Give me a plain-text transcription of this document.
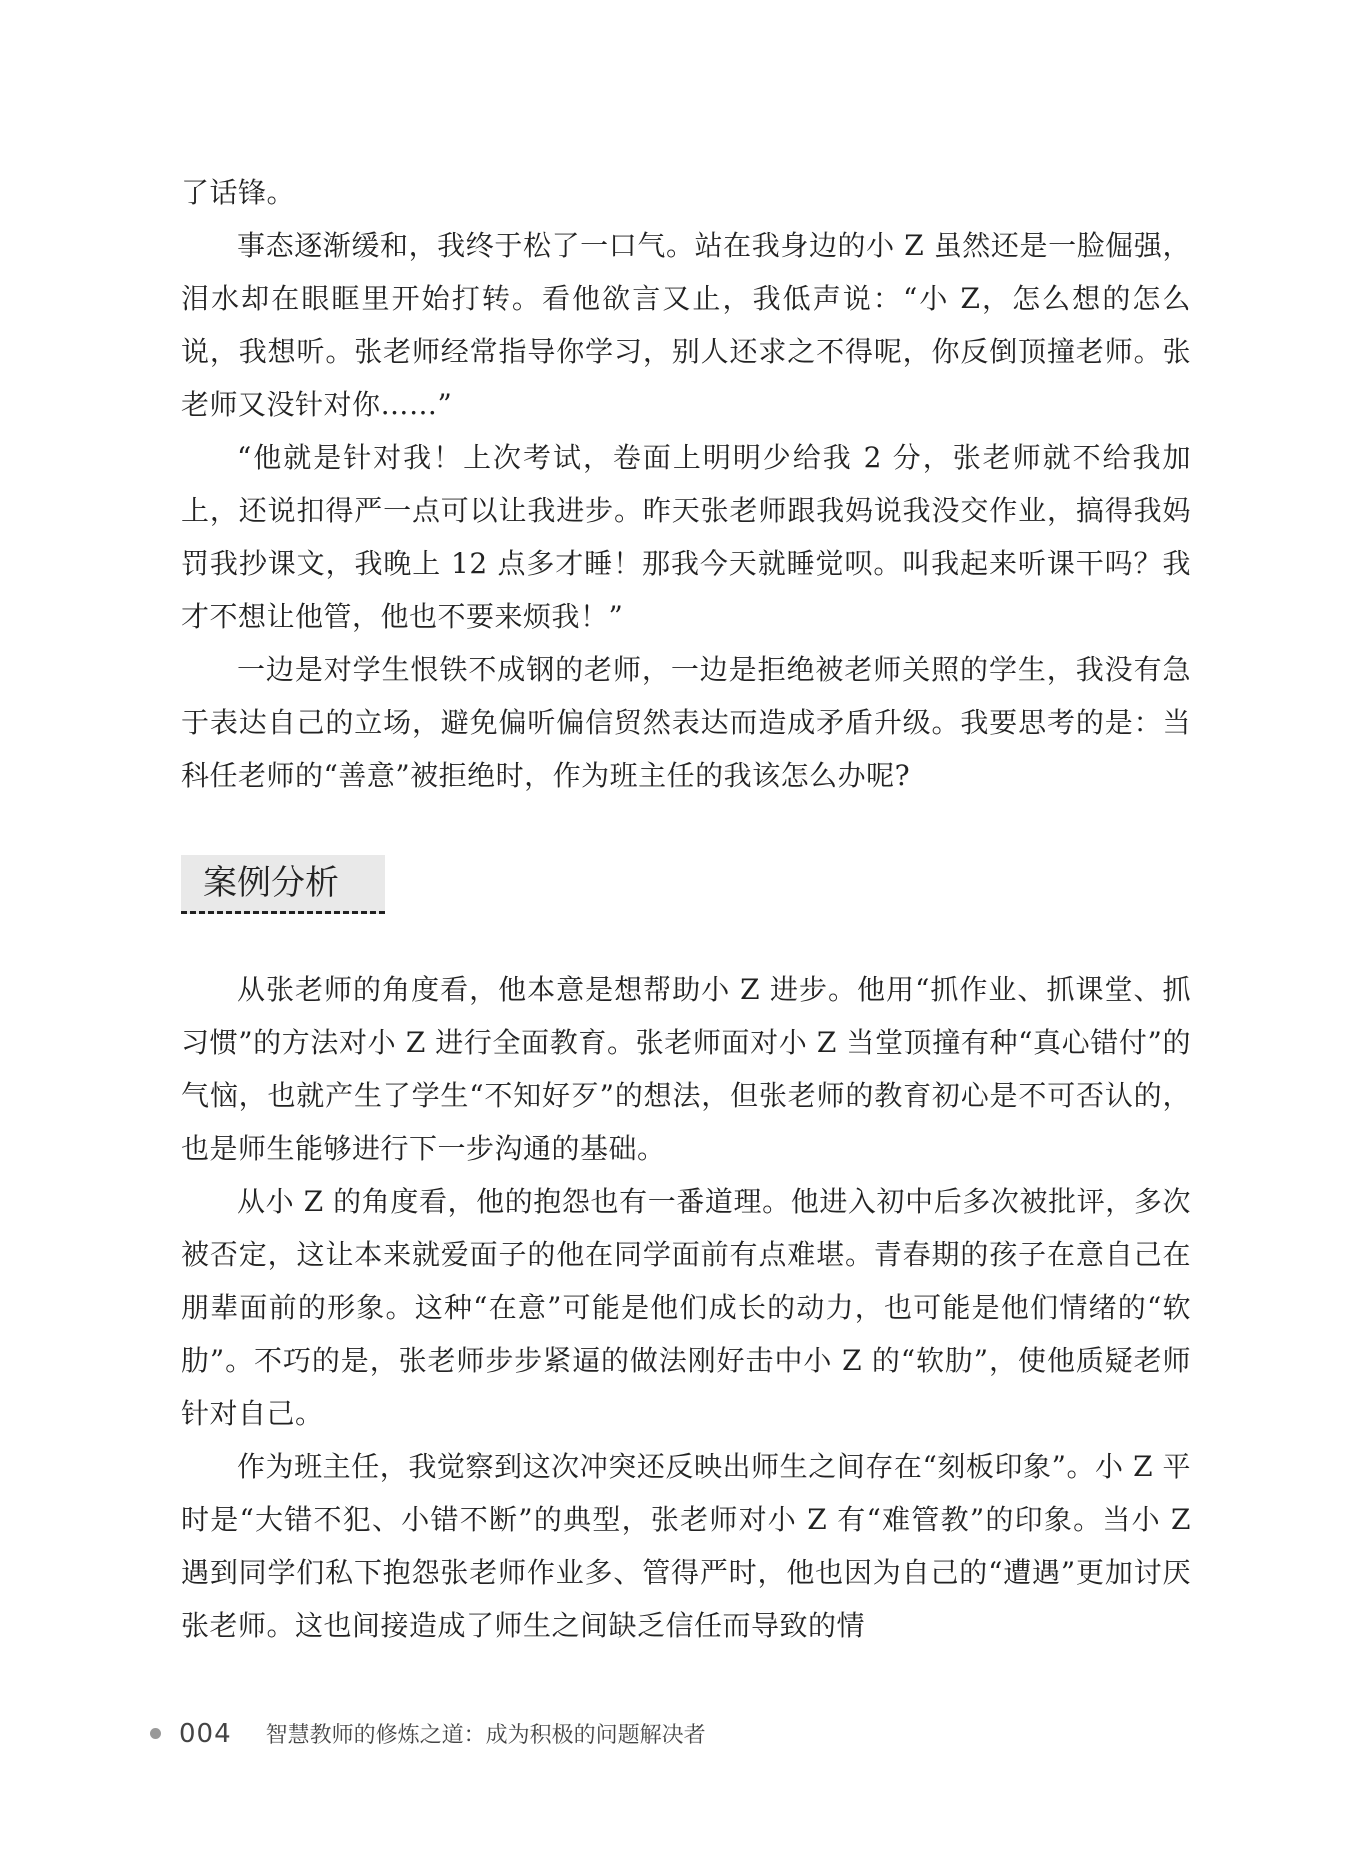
了话锋。

事态逐渐缓和，我终于松了一口气。站在我身边的小 Z 虽然还是一脸倔强，泪水却在眼眶里开始打转。看他欲言又止，我低声说：“小 Z，怎么想的怎么说，我想听。张老师经常指导你学习，别人还求之不得呢，你反倒顶撞老师。张老师又没针对你……”

“他就是针对我！上次考试，卷面上明明少给我 2 分，张老师就不给我加上，还说扣得严一点可以让我进步。昨天张老师跟我妈说我没交作业，搞得我妈罚我抄课文，我晚上 12 点多才睡！那我今天就睡觉呗。叫我起来听课干吗？我才不想让他管，他也不要来烦我！”

一边是对学生恨铁不成钢的老师，一边是拒绝被老师关照的学生，我没有急于表达自己的立场，避免偏听偏信贸然表达而造成矛盾升级。我要思考的是：当科任老师的“善意”被拒绝时，作为班主任的我该怎么办呢?

案例分析

从张老师的角度看，他本意是想帮助小 Z 进步。他用“抓作业、抓课堂、抓习惯”的方法对小 Z 进行全面教育。张老师面对小 Z 当堂顶撞有种“真心错付”的气恼，也就产生了学生“不知好歹”的想法，但张老师的教育初心是不可否认的，也是师生能够进行下一步沟通的基础。

从小 Z 的角度看，他的抱怨也有一番道理。他进入初中后多次被批评，多次被否定，这让本来就爱面子的他在同学面前有点难堪。青春期的孩子在意自己在朋辈面前的形象。这种“在意”可能是他们成长的动力，也可能是他们情绪的“软肋”。不巧的是，张老师步步紧逼的做法刚好击中小 Z 的“软肋”，使他质疑老师针对自己。

作为班主任，我觉察到这次冲突还反映出师生之间存在“刻板印象”。小 Z 平时是“大错不犯、小错不断”的典型，张老师对小 Z 有“难管教”的印象。当小 Z 遇到同学们私下抱怨张老师作业多、管得严时，他也因为自己的“遭遇”更加讨厌张老师。这也间接造成了师生之间缺乏信任而导致的情

004 智慧教师的修炼之道：成为积极的问题解决者
